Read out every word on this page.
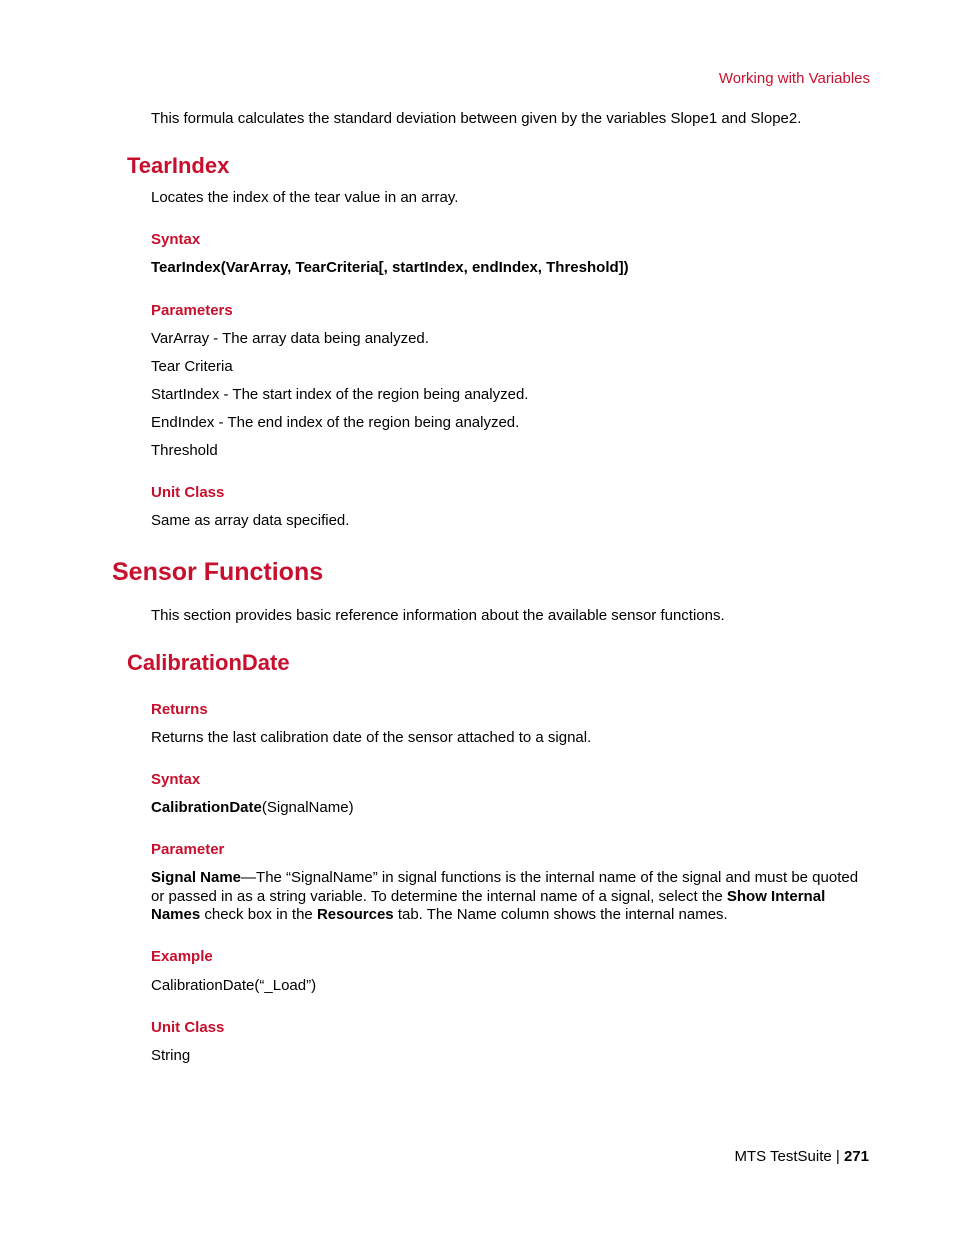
Working with Variables
This formula calculates the standard deviation between given by the variables Slope1 and Slope2.
TearIndex
Locates the index of the tear value in an array.
Syntax
TearIndex(VarArray, TearCriteria[, startIndex, endIndex, Threshold])
Parameters
VarArray - The array data being analyzed.
Tear Criteria
StartIndex - The start index of the region being analyzed.
EndIndex - The end index of the region being analyzed.
Threshold
Unit Class
Same as array data specified.
Sensor Functions
This section provides basic reference information about the available sensor functions.
CalibrationDate
Returns
Returns the last calibration date of the sensor attached to a signal.
Syntax
CalibrationDate(SignalName)
Parameter
Signal Name—The “SignalName” in signal functions is the internal name of the signal and must be quoted or passed in as a string variable. To determine the internal name of a signal, select the Show Internal Names check box in the Resources tab. The Name column shows the internal names.
Example
CalibrationDate(“_Load”)
Unit Class
String
MTS TestSuite | 271
